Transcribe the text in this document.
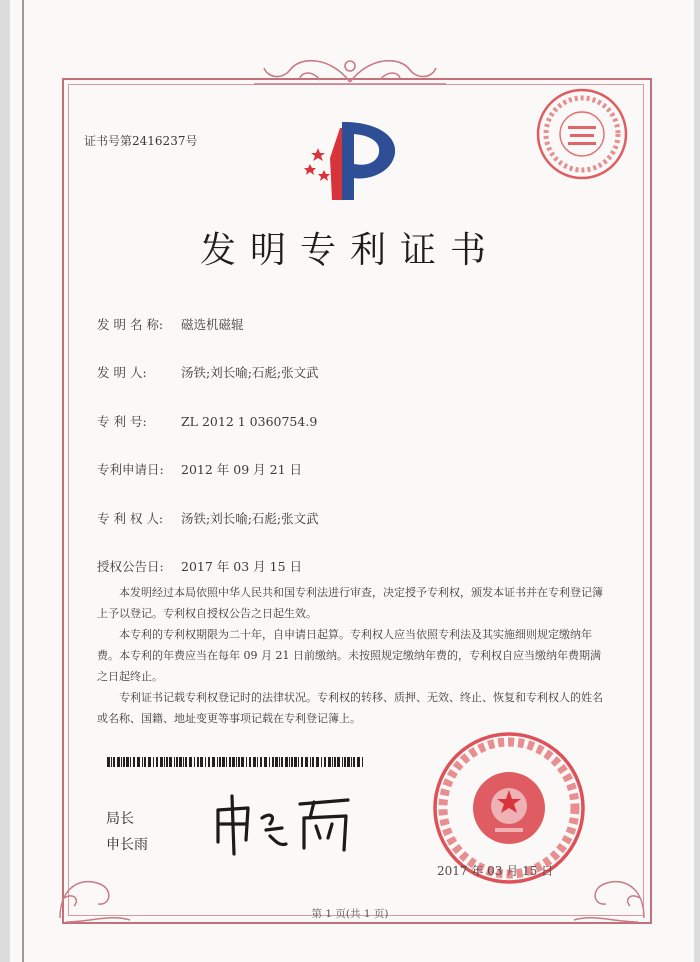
证书号第2416237号
发明专利证书
发 明 名 称: 磁选机磁辊
发 明 人:	汤铁;刘长喻;石彪;张文武
专 利 号:	ZL 2012 1 0360754.9
专利申请日: 2012 年 09 月 21 日
专 利 权 人: 汤铁;刘长喻;石彪;张文武
授权公告日: 2017 年 03 月 15 日
本发明经过本局依照中华人民共和国专利法进行审查，决定授予专利权，颁发本证书并在专利登记簿上予以登记。专利权自授权公告之日起生效。
本专利的专利权期限为二十年，自申请日起算。专利权人应当依照专利法及其实施细则规定缴纳年费。本专利的年费应当在每年 09 月 21 日前缴纳。未按照规定缴纳年费的，专利权自应当缴纳年费期满之日起终止。
专利证书记载专利权登记时的法律状况。专利权的转移、质押、无效、终止、恢复和专利权人的姓名或名称、国籍、地址变更等事项记载在专利登记簿上。
局长
申长雨
2017 年 03 月 15 日
第 1 页(共 1 页)
